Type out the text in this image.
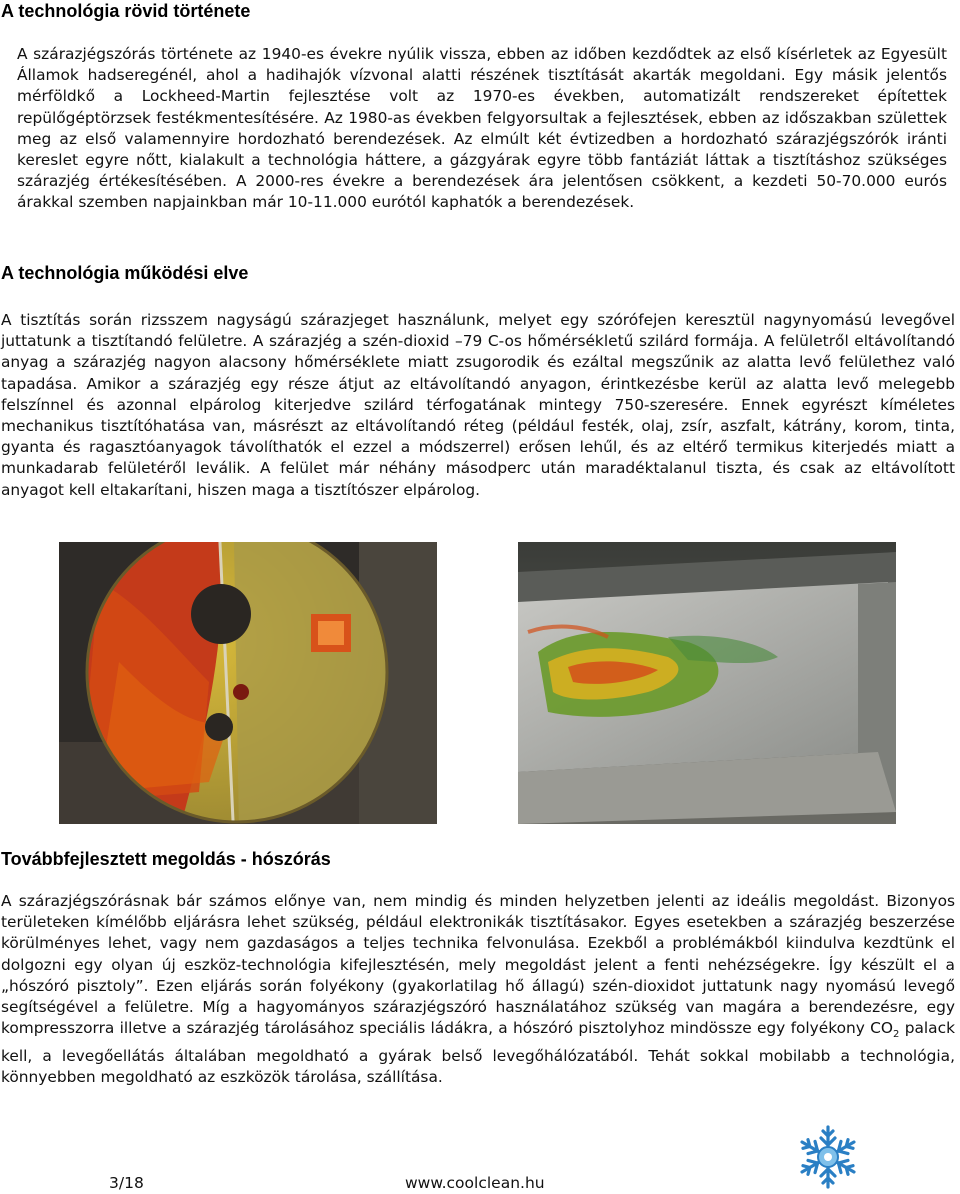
A technológia rövid története

A szárazjégszórás története az 1940-es évekre nyúlik vissza, ebben az időben kezdődtek az első kísérletek az Egyesült Államok hadseregénél, ahol a hadihajók vízvonal alatti részének tisztítását akarták megoldani. Egy másik jelentős mérföldkő a Lockheed-Martin fejlesztése volt az 1970-es években, automatizált rendszereket építettek repülőgéptörzsek festékmentesítésére. Az 1980-as években felgyorsultak a fejlesztések, ebben az időszakban születtek meg az első valamennyire hordozható berendezések. Az elmúlt két évtizedben a hordozható szárazjégszórók iránti kereslet egyre nőtt, kialakult a technológia háttere, a gázgyárak egyre több fantáziát láttak a tisztításhoz szükséges szárazjég értékesítésében. A 2000-res évekre a berendezések ára jelentősen csökkent, a kezdeti 50-70.000 eurós árakkal szemben napjainkban már 10-11.000 eurótól kaphatók a berendezések.

A technológia működési elve

A tisztítás során rizsszem nagyságú szárazjeget használunk, melyet egy szórófejen keresztül nagynyomású levegővel juttatunk a tisztítandó felületre. A szárazjég a szén-dioxid –79 C-os hőmérsékletű szilárd formája. A felületről eltávolítandó anyag a szárazjég nagyon alacsony hőmérséklete miatt zsugorodik és ezáltal megszűnik az alatta levő felülethez való tapadása. Amikor a szárazjég egy része átjut az eltávolítandó anyagon, érintkezésbe kerül az alatta levő melegebb felszínnel és azonnal elpárolog kiterjedve szilárd térfogatának mintegy 750-szeresére. Ennek egyrészt kíméletes mechanikus tisztítóhatása van, másrészt az eltávolítandó réteg (például festék, olaj, zsír, aszfalt, kátrány, korom, tinta, gyanta és ragasztóanyagok távolíthatók el ezzel a módszerrel) erősen lehűl, és az eltérő termikus kiterjedés miatt a munkadarab felületéről leválik. A felület már néhány másodperc után maradéktalanul tiszta, és csak az eltávolított anyagot kell eltakarítani, hiszen maga a tisztítószer elpárolog.

Továbbfejlesztett megoldás - hószórás

A szárazjégszórásnak bár számos előnye van, nem mindig és minden helyzetben jelenti az ideális megoldást. Bizonyos területeken kímélőbb eljárásra lehet szükség, például elektronikák tisztításakor. Egyes esetekben a szárazjég beszerzése körülményes lehet, vagy nem gazdaságos a teljes technika felvonulása. Ezekből a problémákból kiindulva kezdtünk el dolgozni egy olyan új eszköz-technológia kifejlesztésén, mely megoldást jelent a fenti nehézségekre. Így készült el a „hószóró pisztoly”. Ezen eljárás során folyékony (gyakorlatilag hő állagú) szén-dioxidot juttatunk nagy nyomású levegő segítségével a felületre. Míg a hagyományos szárazjégszóró használatához szükség van magára a berendezésre, egy kompresszorra illetve a szárazjég tárolásához speciális ládákra, a hószóró pisztolyhoz mindössze egy folyékony $CO_2$ palack kell, a levegőellátás általában megoldható a gyárak belső levegőhálózatából. Tehát sokkal mobilabb a technológia, könnyebben megoldható az eszközök tárolása, szállítása.

3/18	www.coolclean.hu
